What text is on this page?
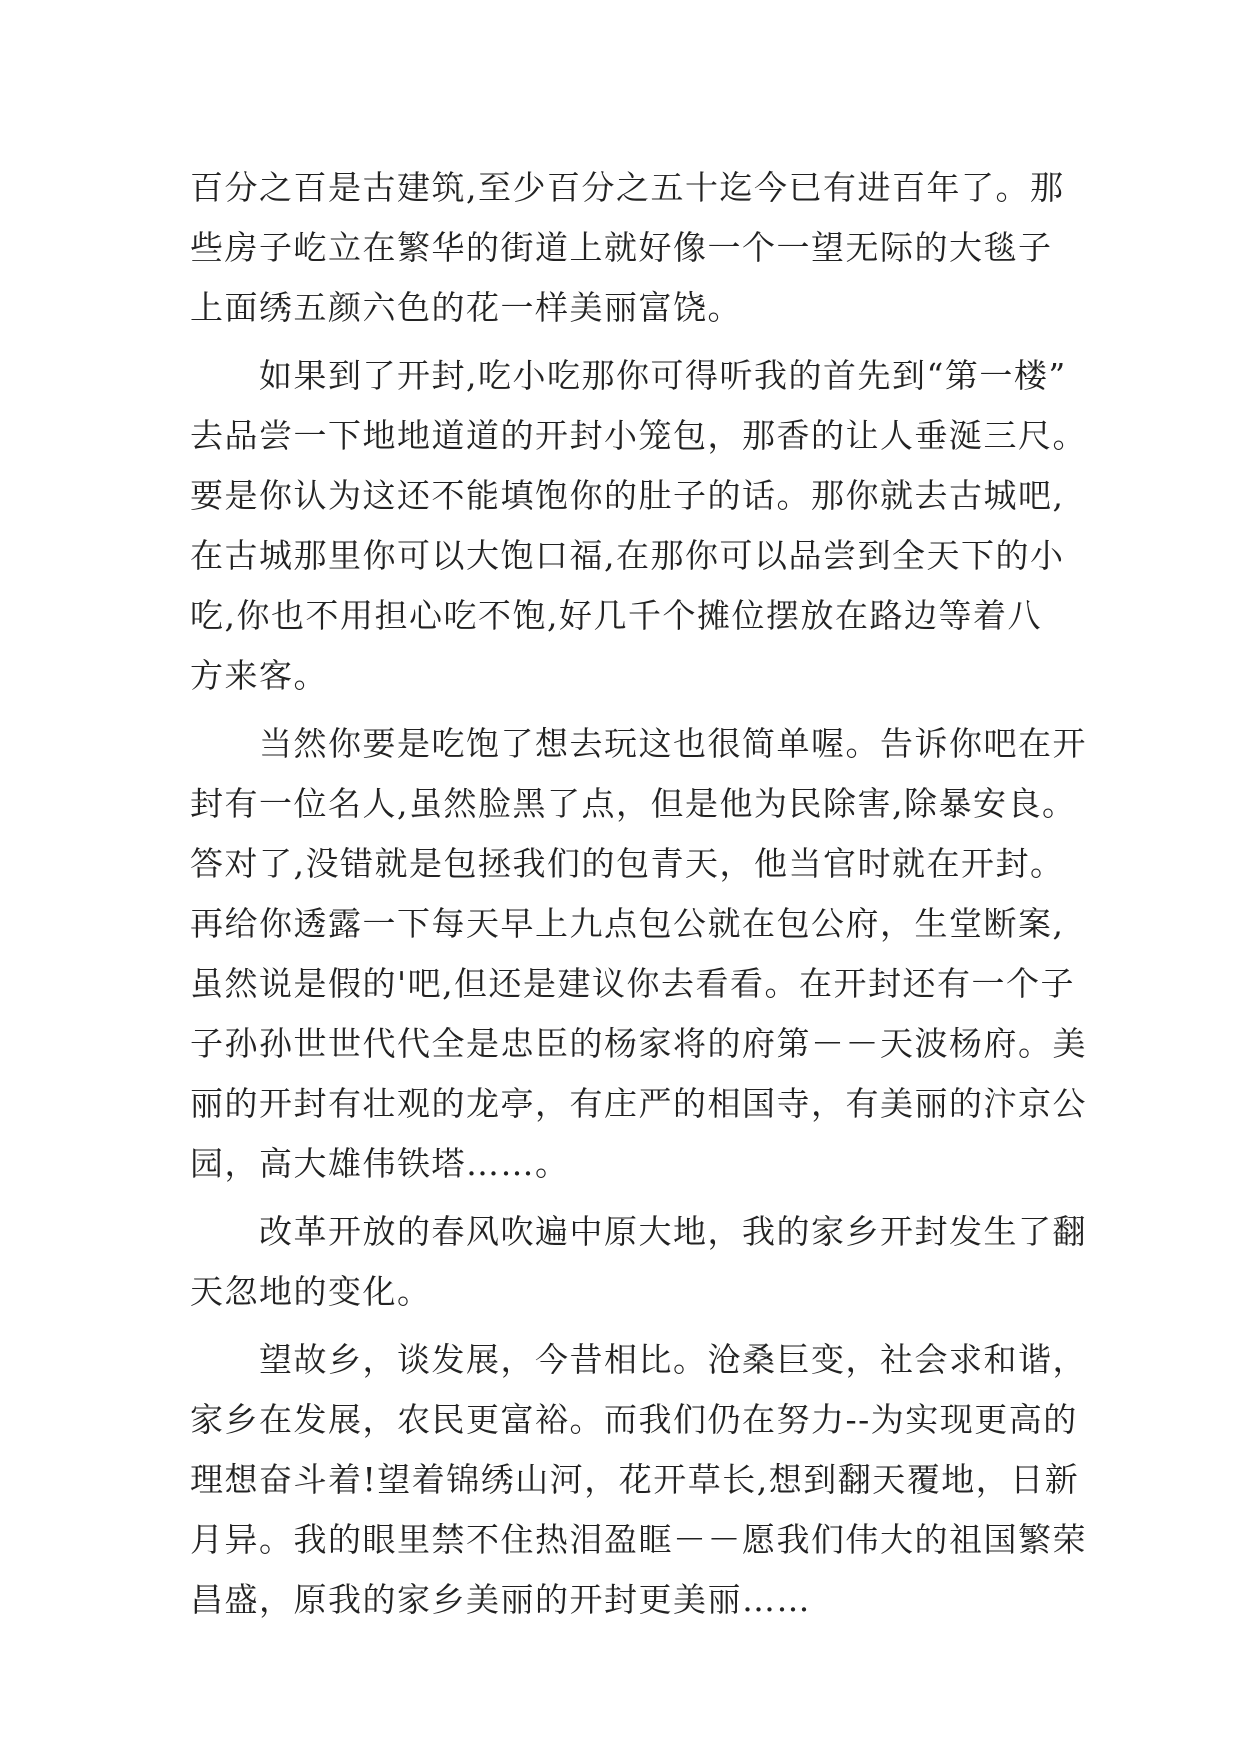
百分之百是古建筑,至少百分之五十迄今已有进百年了。那
些房子屹立在繁华的街道上就好像一个一望无际的大毯子
上面绣五颜六色的花一样美丽富饶。
　　如果到了开封,吃小吃那你可得听我的首先到“第一楼”
去品尝一下地地道道的开封小笼包，那香的让人垂涎三尺。
要是你认为这还不能填饱你的肚子的话。那你就去古城吧,
在古城那里你可以大饱口福,在那你可以品尝到全天下的小
吃,你也不用担心吃不饱,好几千个摊位摆放在路边等着八
方来客。
　　当然你要是吃饱了想去玩这也很简单喔。告诉你吧在开
封有一位名人,虽然脸黑了点，但是他为民除害,除暴安良。
答对了,没错就是包拯我们的包青天，他当官时就在开封。
再给你透露一下每天早上九点包公就在包公府，生堂断案,
虽然说是假的'吧,但还是建议你去看看。在开封还有一个子
子孙孙世世代代全是忠臣的杨家将的府第－－天波杨府。美
丽的开封有壮观的龙亭，有庄严的相国寺，有美丽的汴京公
园，高大雄伟铁塔……。
　　改革开放的春风吹遍中原大地，我的家乡开封发生了翻
天忽地的变化。
　　望故乡，谈发展，今昔相比。沧桑巨变，社会求和谐，
家乡在发展，农民更富裕。而我们仍在努力--为实现更高的
理想奋斗着!望着锦绣山河，花开草长,想到翻天覆地，日新
月异。我的眼里禁不住热泪盈眶－－愿我们伟大的祖国繁荣
昌盛，原我的家乡美丽的开封更美丽……
